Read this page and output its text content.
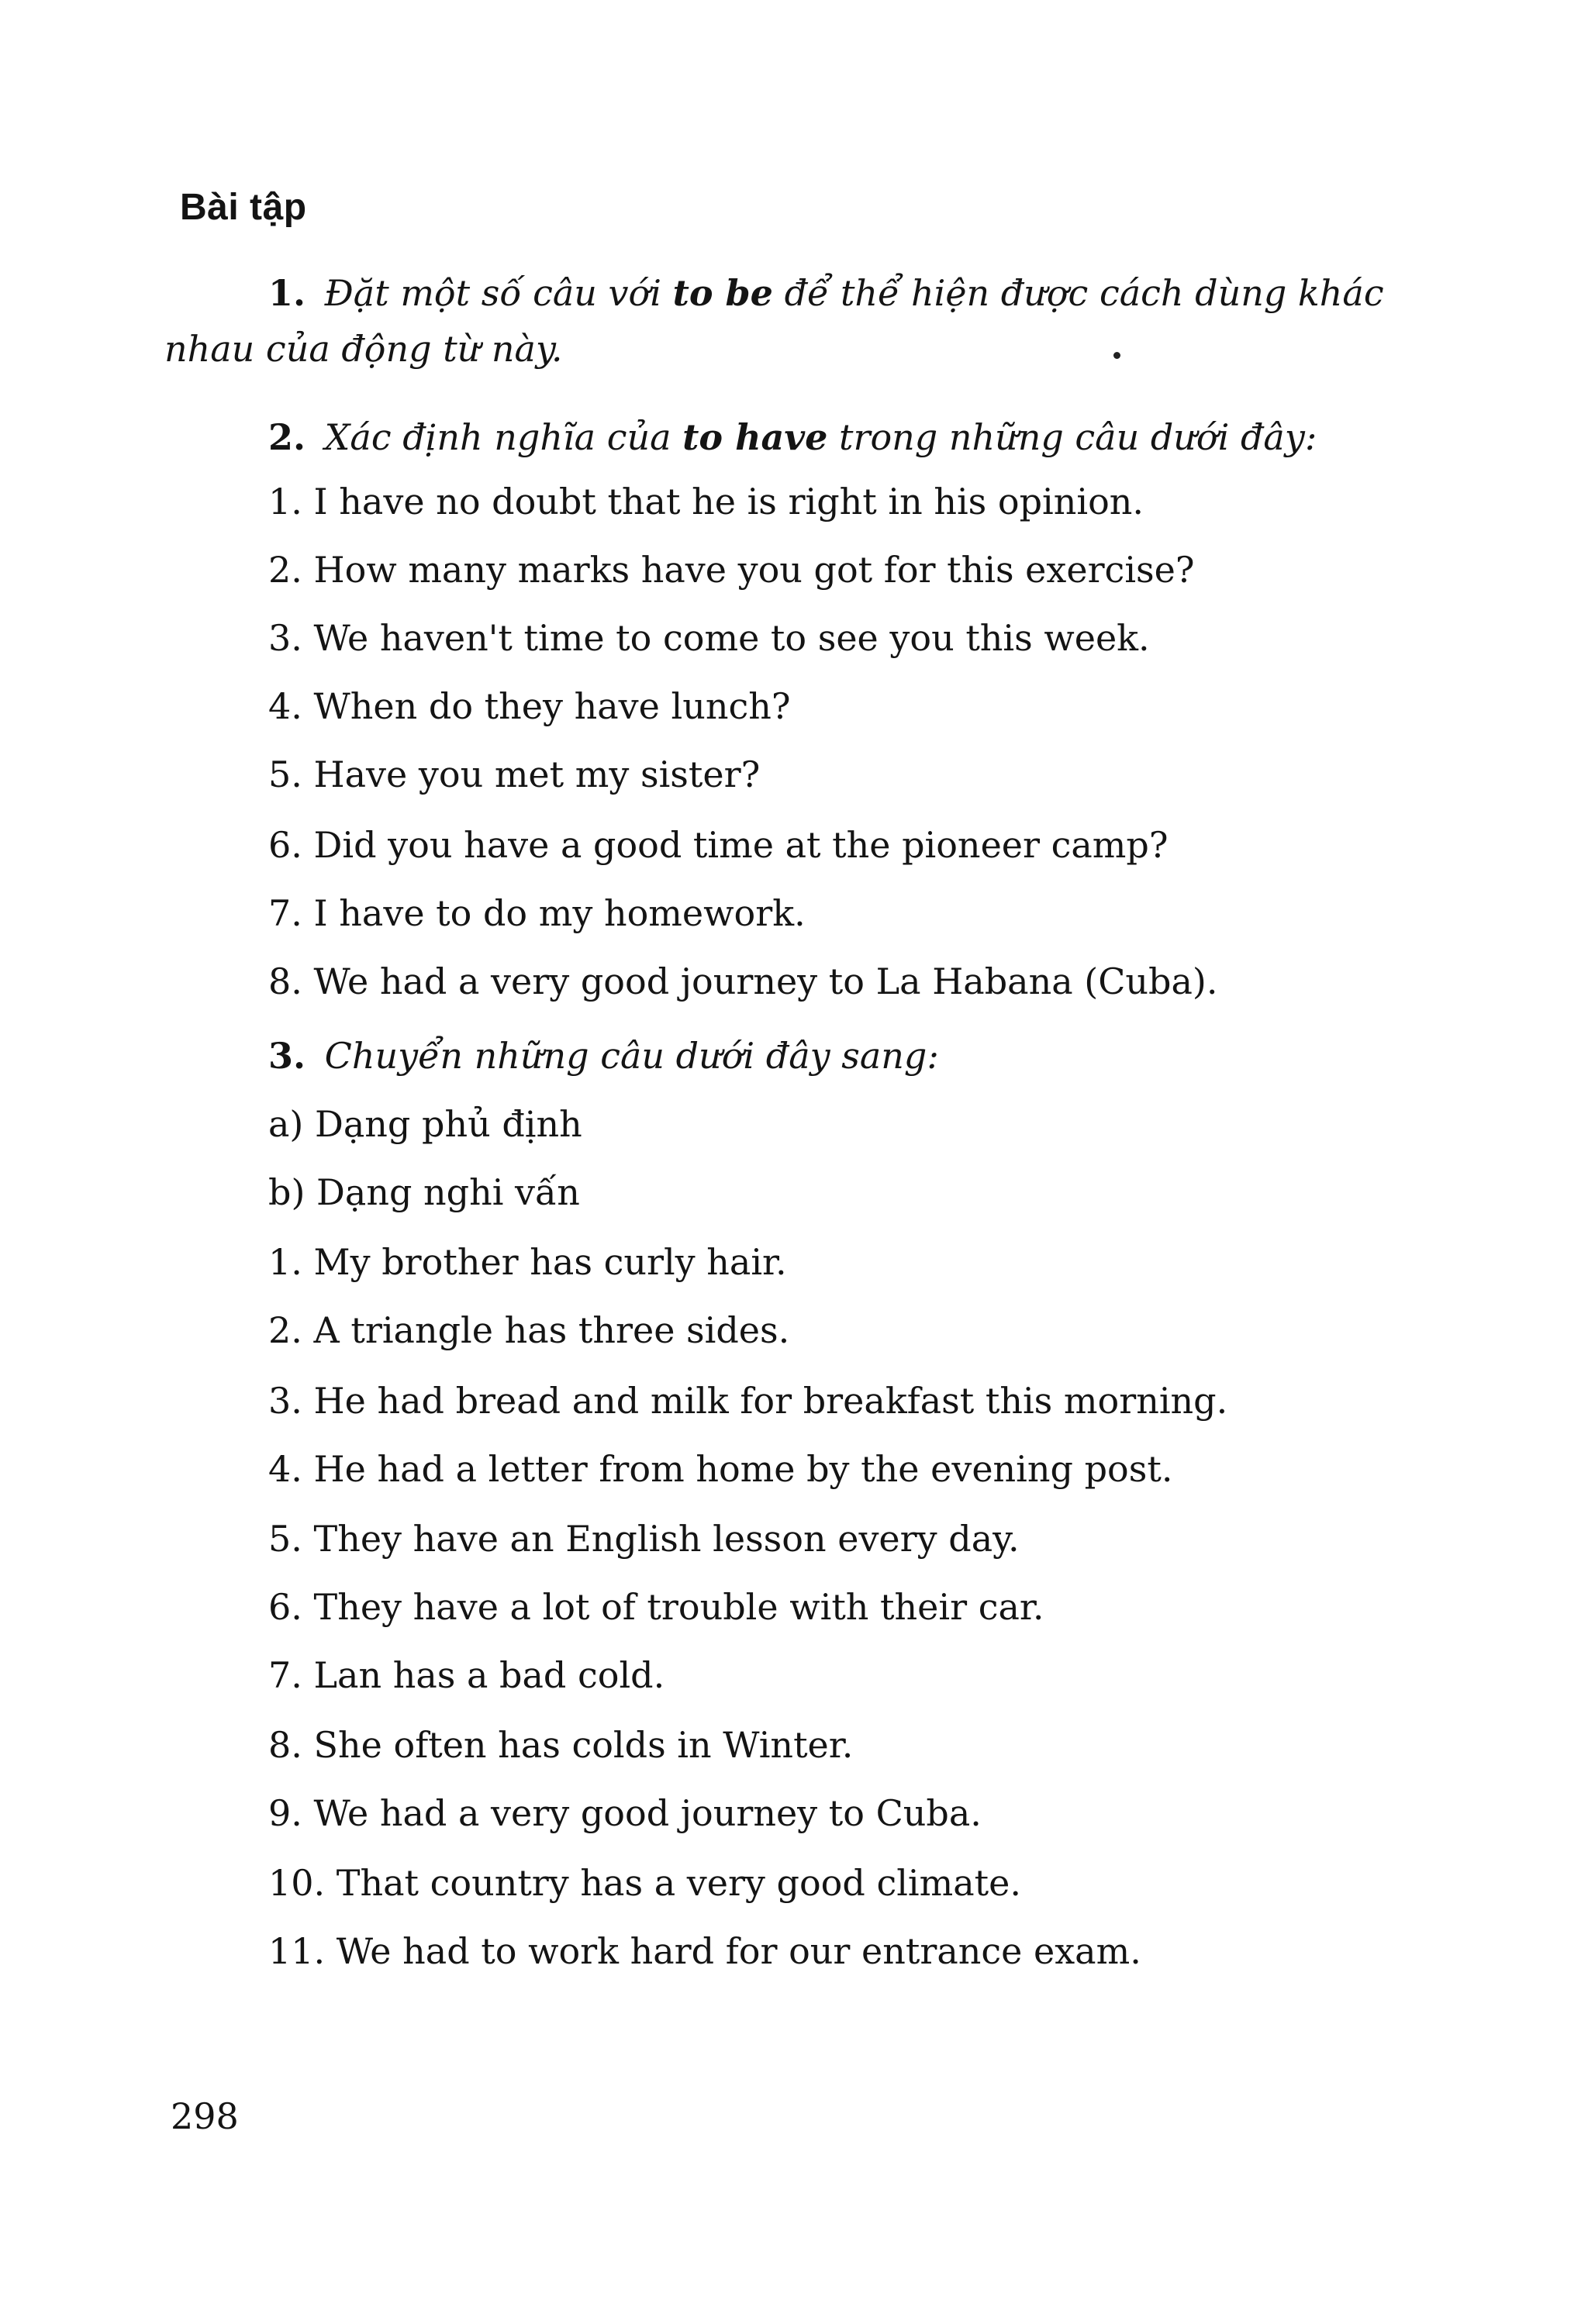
Bài tập

1. Đặt một số câu với to be để thể hiện được cách dùng khác

nhau của động từ này.

2. Xác định nghĩa của to have trong những câu dưới đây:

1. I have no doubt that he is right in his opinion.

2. How many marks have you got for this exercise?

3. We haven't time to come to see you this week.

4. When do they have lunch?

5. Have you met my sister?

6. Did you have a good time at the pioneer camp?

7. I have to do my homework.

8. We had a very good journey to La Habana (Cuba).

3. Chuyển những câu dưới đây sang:

a) Dạng phủ định

b) Dạng nghi vấn

1. My brother has curly hair.

2. A triangle has three sides.

3. He had bread and milk for breakfast this morning.

4. He had a letter from home by the evening post.

5. They have an English lesson every day.

6. They have a lot of trouble with their car.

7. Lan has a bad cold.

8. She often has colds in Winter.

9. We had a very good journey to Cuba.

10. That country has a very good climate.

11. We had to work hard for our entrance exam.

298
